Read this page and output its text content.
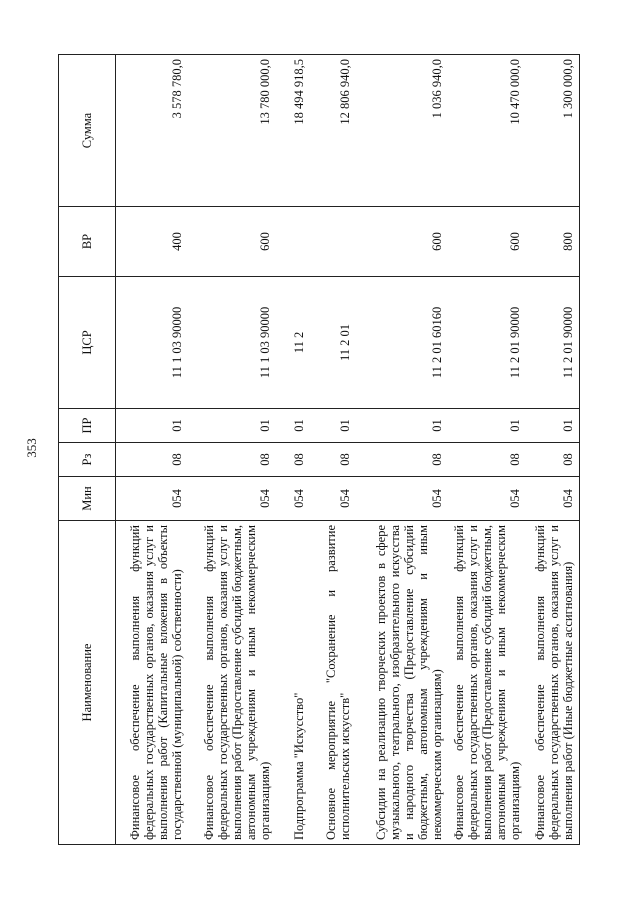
353
Наименование	Мин	Рз	ПР	ЦСР	ВР	Сумма
Финансовое обеспечение выполнения функций федеральных государственных органов, оказания услуг и выполнения работ (Капитальные вложения в объекты государственной (муниципальной) собственности)	054	08	01	11 1 03 90000	400	3 578 780,0
Финансовое обеспечение выполнения функций федеральных государственных органов, оказания услуг и выполнения работ (Предоставление субсидий бюджетным, автономным учреждениям и иным некоммерческим организациям)	054	08	01	11 1 03 90000	600	13 780 000,0
Подпрограмма "Искусство"	054	08	01	11 2		18 494 918,5
Основное мероприятие "Сохранение и развитие исполнительских искусств"	054	08	01	11 2 01		12 806 940,0
Субсидии на реализацию творческих проектов в сфере музыкального, театрального, изобразительного искусства и народного творчества (Предоставление субсидий бюджетным, автономным учреждениям и иным некоммерческим организациям)	054	08	01	11 2 01 60160	600	1 036 940,0
Финансовое обеспечение выполнения функций федеральных государственных органов, оказания услуг и выполнения работ (Предоставление субсидий бюджетным, автономным учреждениям и иным некоммерческим организациям)	054	08	01	11 2 01 90000	600	10 470 000,0
Финансовое обеспечение выполнения функций федеральных государственных органов, оказания услуг и выполнения работ (Иные бюджетные ассигнования)	054	08	01	11 2 01 90000	800	1 300 000,0
